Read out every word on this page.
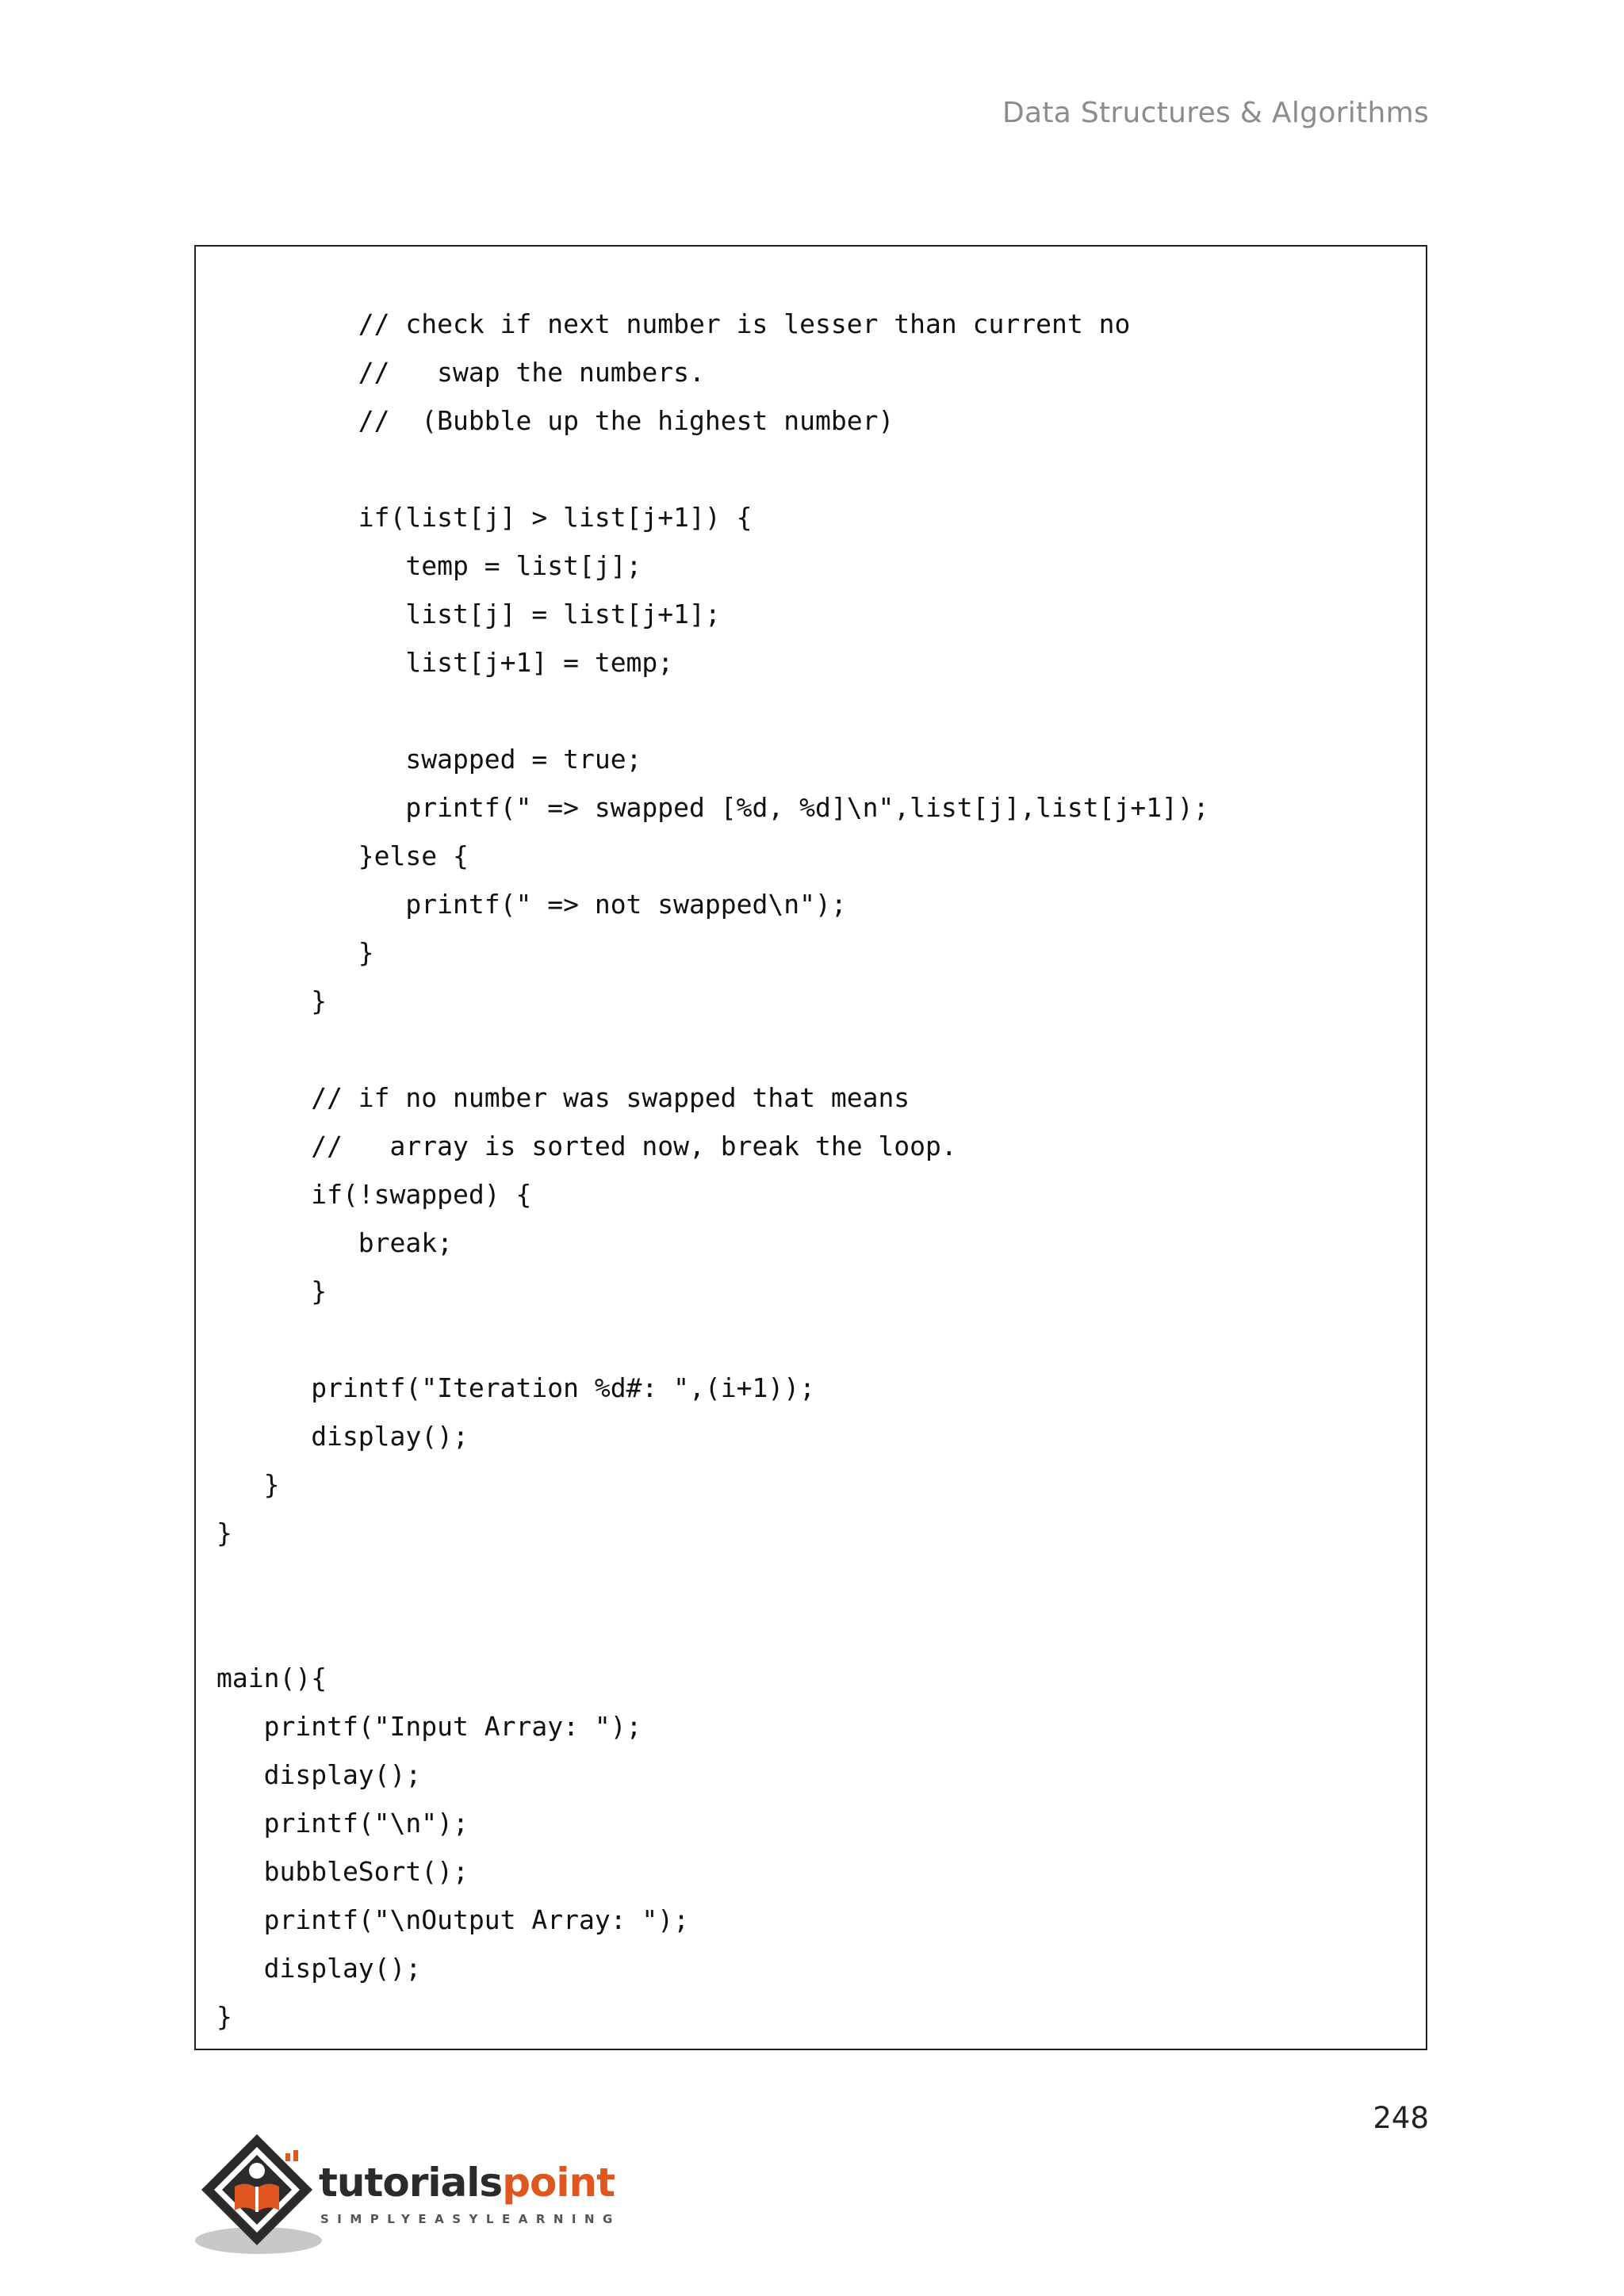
Data Structures & Algorithms
// check if next number is lesser than current no
//   swap the numbers.
//  (Bubble up the highest number)
if(list[j] > list[j+1]) {
temp = list[j];
list[j] = list[j+1];
list[j+1] = temp;
swapped = true;
printf(" => swapped [%d, %d]\n",list[j],list[j+1]);
}else {
printf(" => not swapped\n");
}
}
// if no number was swapped that means
//   array is sorted now, break the loop.
if(!swapped) {
break;
}
printf("Iteration %d#: ",(i+1));
display();
}
}
main(){
printf("Input Array: ");
display();
printf("\n");
bubbleSort();
printf("\nOutput Array: ");
display();
}
248
tutorialspoint
SIMPLYEASYLEARNING
